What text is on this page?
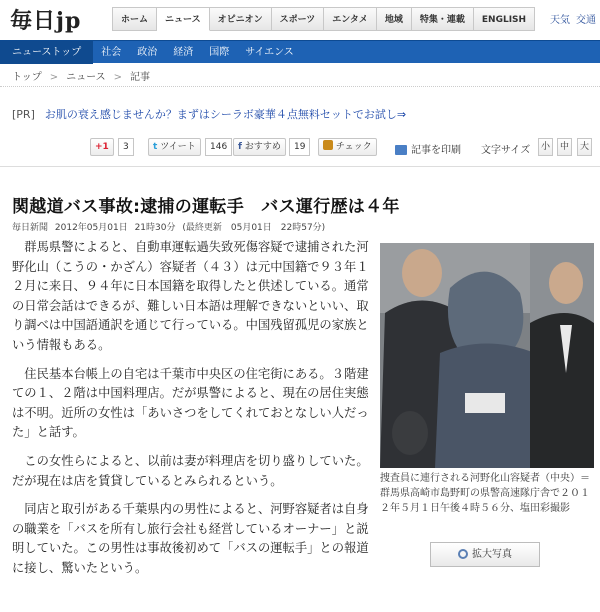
毎日jp	ホーム	ニュース	オピニオン	スポーツ	エンタメ	地域	特集・連載	ENGLISH	天気 交通
ニューストップ	社会	政治	経済	国際	サイエンス
トップ > ニュース > 記事
[PR] お肌の衰え感じませんか？まずはシーラボ豪華４点無料セットでお試し⇒
+1	3	t ツイート	146	f おすすめ	19	チェック	記事を印刷 文字サイズ	小	中	大
関越道バス事故:逮捕の運転手　バス運行歴は４年
毎日新聞 2012年05月01日 21時30分 (最終更新　05月01日　22時57分)

群馬県警によると、自動車運転過失致死傷容疑で逮捕された河野化山（こうの・かざん）容疑者（４３）は元中国籍で９３年１２月に来日、９４年に日本国籍を取得したと供述している。通常の日常会話はできるが、難しい日本語は理解できないといい、取り調べは中国語通訳を通じて行っている。中国残留孤児の家族という情報もある。

住民基本台帳上の自宅は千葉市中央区の住宅街にある。３階建ての１、２階は中国料理店。だが県警によると、現在の居住実態は不明。近所の女性は「あいさつをしてくれておとなしい人だった」と話す。

この女性らによると、以前は妻が料理店を切り盛りしていた。だが現在は店を賃貸しているとみられるという。

同店と取引がある千葉県内の男性によると、河野容疑者は自身の職業を「バスを所有し旅行会社も経営しているオーナー」と説明していた。この男性は事故後初めて「バスの運転手」との報道に接し、驚いたという。

捜査員に連行される河野化山容疑者（中央）＝群馬県高崎市島野町の県警高速隊庁舎で２０１２年５月１日午後４時５６分、塩田彩撮影
拡大写真
